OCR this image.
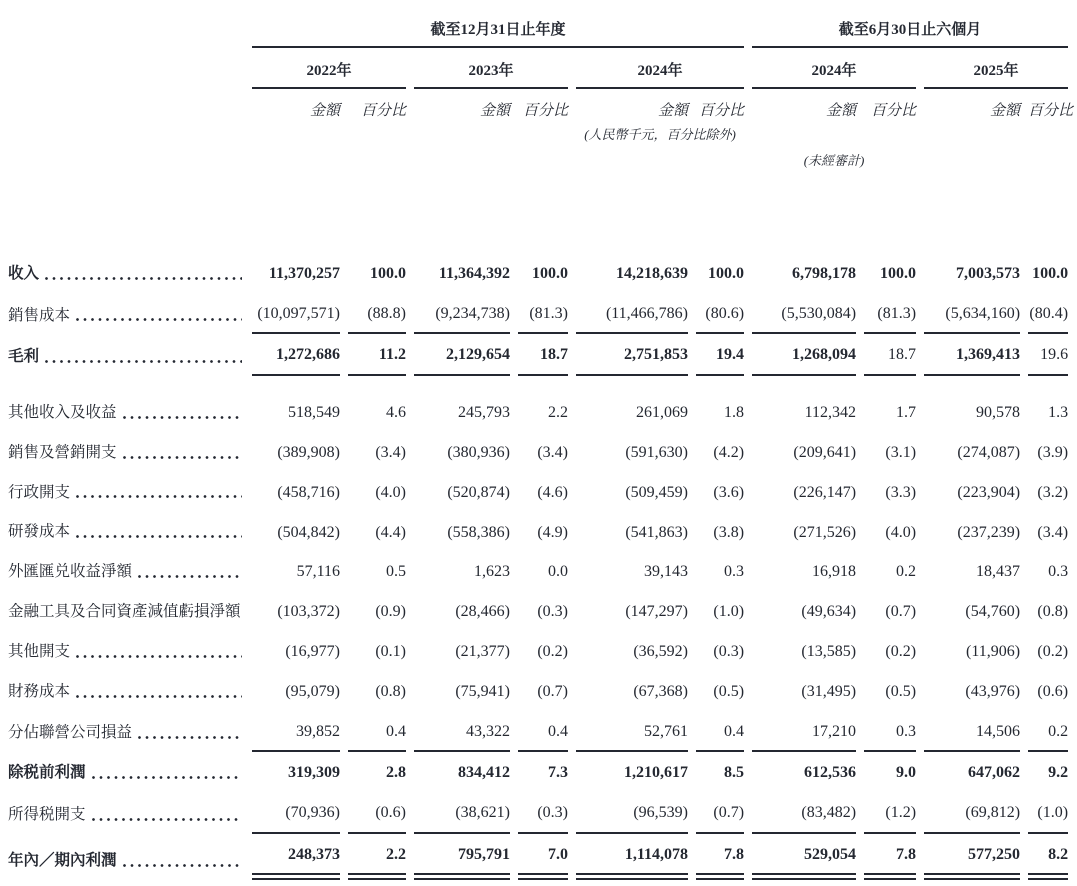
	截至12月31日止年度						截至6月30日止六個月			
	2022年		2023年		2024年		2024年		2025年	
	金額	百分比	金額	百分比	金額	百分比	金額	百分比	金額	百分比
					(人民幣千元，百分比除外)					
							(未經審計)			

收入	11,370,257	100.0	11,364,392	100.0	14,218,639	100.0	6,798,178	100.0	7,003,573	100.0

銷售成本	(10,097,571)	(88.8)	(9,234,738)	(81.3)	(11,466,786)	(80.6)	(5,530,084)	(81.3)	(5,634,160)	(80.4)

毛利	1,272,686	11.2	2,129,654	18.7	2,751,853	19.4	1,268,094	18.7	1,369,413	19.6

其他收入及收益	518,549	4.6	245,793	2.2	261,069	1.8	112,342	1.7	90,578	1.3

銷售及營銷開支	(389,908)	(3.4)	(380,936)	(3.4)	(591,630)	(4.2)	(209,641)	(3.1)	(274,087)	(3.9)

行政開支	(458,716)	(4.0)	(520,874)	(4.6)	(509,459)	(3.6)	(226,147)	(3.3)	(223,904)	(3.2)

研發成本	(504,842)	(4.4)	(558,386)	(4.9)	(541,863)	(3.8)	(271,526)	(4.0)	(237,239)	(3.4)

外匯匯兑收益淨額	57,116	0.5	1,623	0.0	39,143	0.3	16,918	0.2	18,437	0.3

金融工具及合同資產減值虧損淨額	(103,372)	(0.9)	(28,466)	(0.3)	(147,297)	(1.0)	(49,634)	(0.7)	(54,760)	(0.8)

其他開支	(16,977)	(0.1)	(21,377)	(0.2)	(36,592)	(0.3)	(13,585)	(0.2)	(11,906)	(0.2)

財務成本	(95,079)	(0.8)	(75,941)	(0.7)	(67,368)	(0.5)	(31,495)	(0.5)	(43,976)	(0.6)

分佔聯營公司損益	39,852	0.4	43,322	0.4	52,761	0.4	17,210	0.3	14,506	0.2

除税前利潤	319,309	2.8	834,412	7.3	1,210,617	8.5	612,536	9.0	647,062	9.2

所得税開支	(70,936)	(0.6)	(38,621)	(0.3)	(96,539)	(0.7)	(83,482)	(1.2)	(69,812)	(1.0)

年內／期內利潤	248,373	2.2	795,791	7.0	1,114,078	7.8	529,054	7.8	577,250	8.2
